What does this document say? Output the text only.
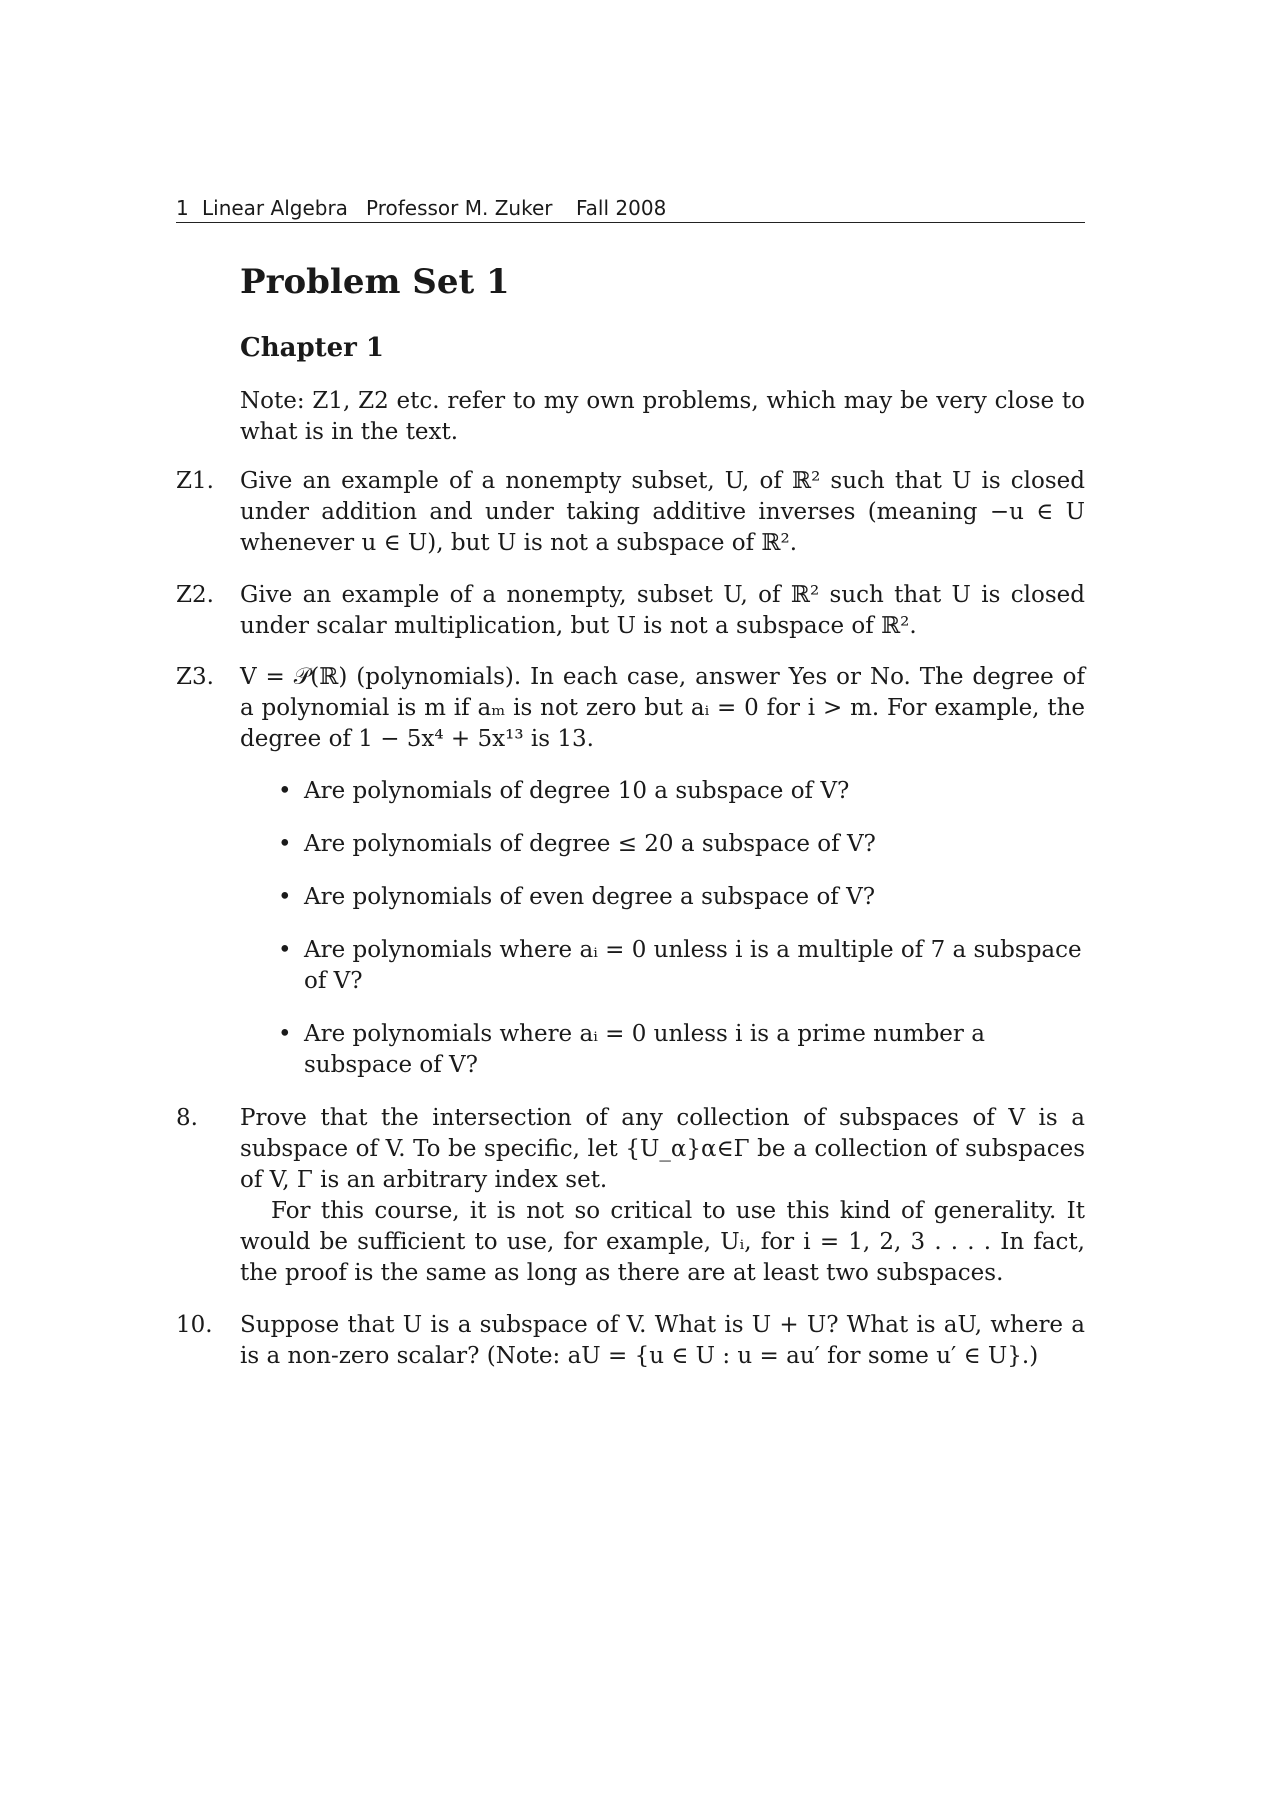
1 Linear Algebra Professor M. Zuker Fall 2008
Problem Set 1
Chapter 1

Note: Z1, Z2 etc. refer to my own problems, which may be very close to what is in the text.

Z1. Give an example of a nonempty subset, U, of ℝ² such that U is closed under addition and under taking additive inverses (meaning −u ∈ U whenever u ∈ U), but U is not a subspace of ℝ².

Z2. Give an example of a nonempty, subset U, of ℝ² such that U is closed under scalar multiplication, but U is not a subspace of ℝ².

Z3. V = 𝒫(ℝ) (polynomials). In each case, answer Yes or No. The degree of a polynomial is m if aₘ is not zero but aᵢ = 0 for i > m. For example, the degree of 1 − 5x⁴ + 5x¹³ is 13.

• Are polynomials of degree 10 a subspace of V?
• Are polynomials of degree ≤ 20 a subspace of V?
• Are polynomials of even degree a subspace of V?
• Are polynomials where aᵢ = 0 unless i is a multiple of 7 a subspace of V?
• Are polynomials where aᵢ = 0 unless i is a prime number a subspace of V?
8. Prove that the intersection of any collection of subspaces of V is a subspace of V. To be specific, let {U_α}α∈Γ be a collection of subspaces of V, Γ is an arbitrary index set.

For this course, it is not so critical to use this kind of generality. It would be sufficient to use, for example, Uᵢ, for i = 1, 2, 3 . . . . In fact, the proof is the same as long as there are at least two subspaces.

10. Suppose that U is a subspace of V. What is U + U? What is aU, where a is a non-zero scalar? (Note: aU = {u ∈ U : u = au′ for some u′ ∈ U}.)
